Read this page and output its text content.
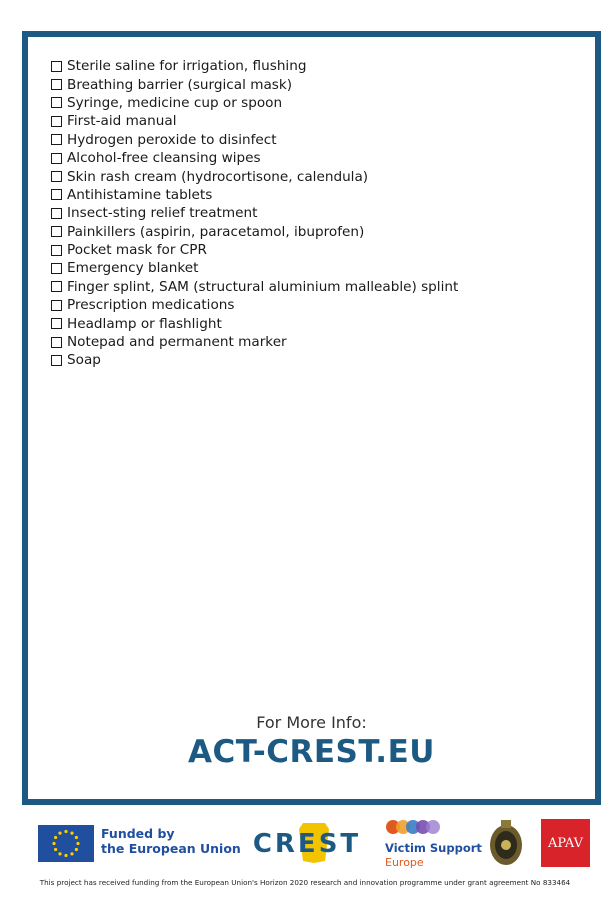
Sterile saline for irrigation, flushing
Breathing barrier (surgical mask)
Syringe, medicine cup or spoon
First-aid manual
Hydrogen peroxide to disinfect
Alcohol-free cleansing wipes
Skin rash cream (hydrocortisone, calendula)
Antihistamine tablets
Insect-sting relief treatment
Painkillers (aspirin, paracetamol, ibuprofen)
Pocket mask for CPR
Emergency blanket
Finger splint, SAM (structural aluminium malleable) splint
Prescription medications
Headlamp or flashlight
Notepad and permanent marker
Soap
For More Info:
ACT-CREST.EU
Funded by
the European Union CREST Victim Support
Europe
APAV
This project has received funding from the European Union's Horizon 2020 research and innovation programme under grant agreement No 833464
